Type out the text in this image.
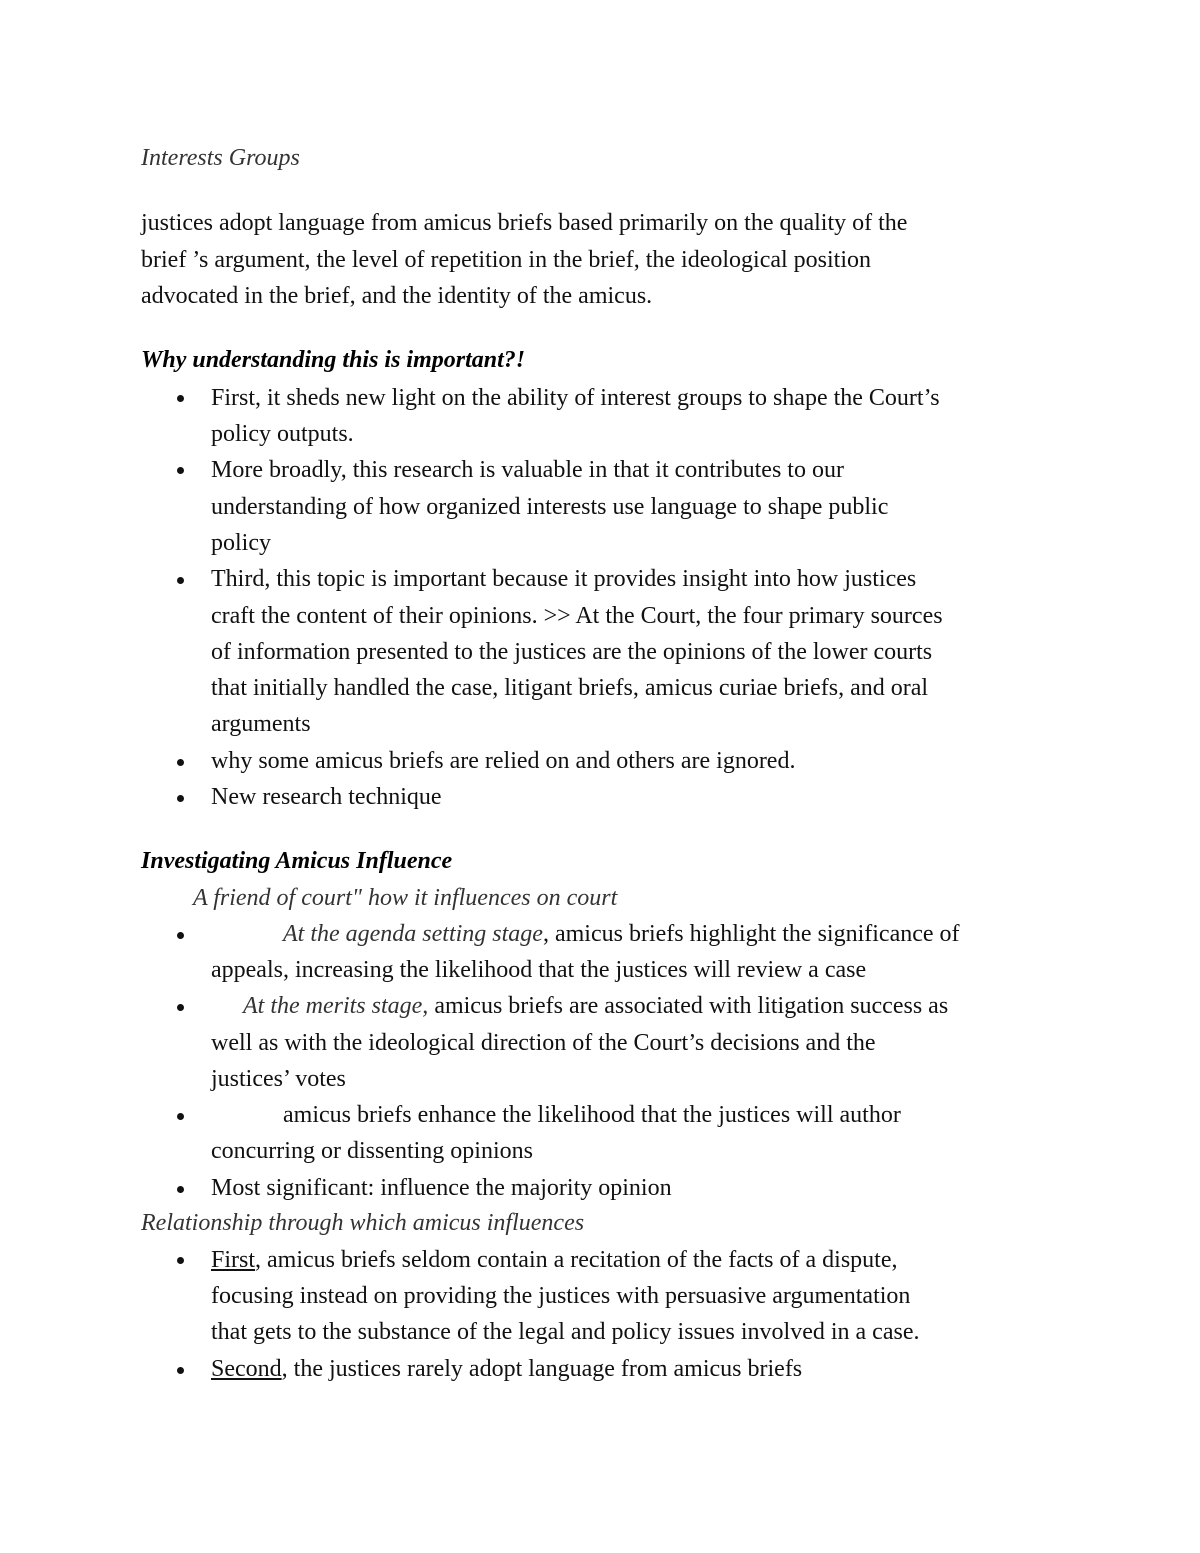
Interests Groups
justices adopt language from amicus briefs based primarily on the quality of the
brief ’s argument, the level of repetition in the brief, the ideological position
advocated in the brief, and the identity of the amicus.
Why understanding this is important?!
First, it sheds new light on the ability of interest groups to shape the Court’s
policy outputs.
More broadly, this research is valuable in that it contributes to our
understanding of how organized interests use language to shape public
policy
Third, this topic is important because it provides insight into how justices
craft the content of their opinions. >> At the Court, the four primary sources
of information presented to the justices are the opinions of the lower courts
that initially handled the case, litigant briefs, amicus curiae briefs, and oral
arguments
why some amicus briefs are relied on and others are ignored.
New research technique
Investigating Amicus Influence
A friend of court" how it influences on court
At the agenda setting stage, amicus briefs highlight the significance of
appeals, increasing the likelihood that the justices will review a case
At the merits stage, amicus briefs are associated with litigation success as
well as with the ideological direction of the Court’s decisions and the
justices’ votes
amicus briefs enhance the likelihood that the justices will author
concurring or dissenting opinions
Most significant: influence the majority opinion
Relationship through which amicus influences
First, amicus briefs seldom contain a recitation of the facts of a dispute,
focusing instead on providing the justices with persuasive argumentation
that gets to the substance of the legal and policy issues involved in a case.
Second, the justices rarely adopt language from amicus briefs
